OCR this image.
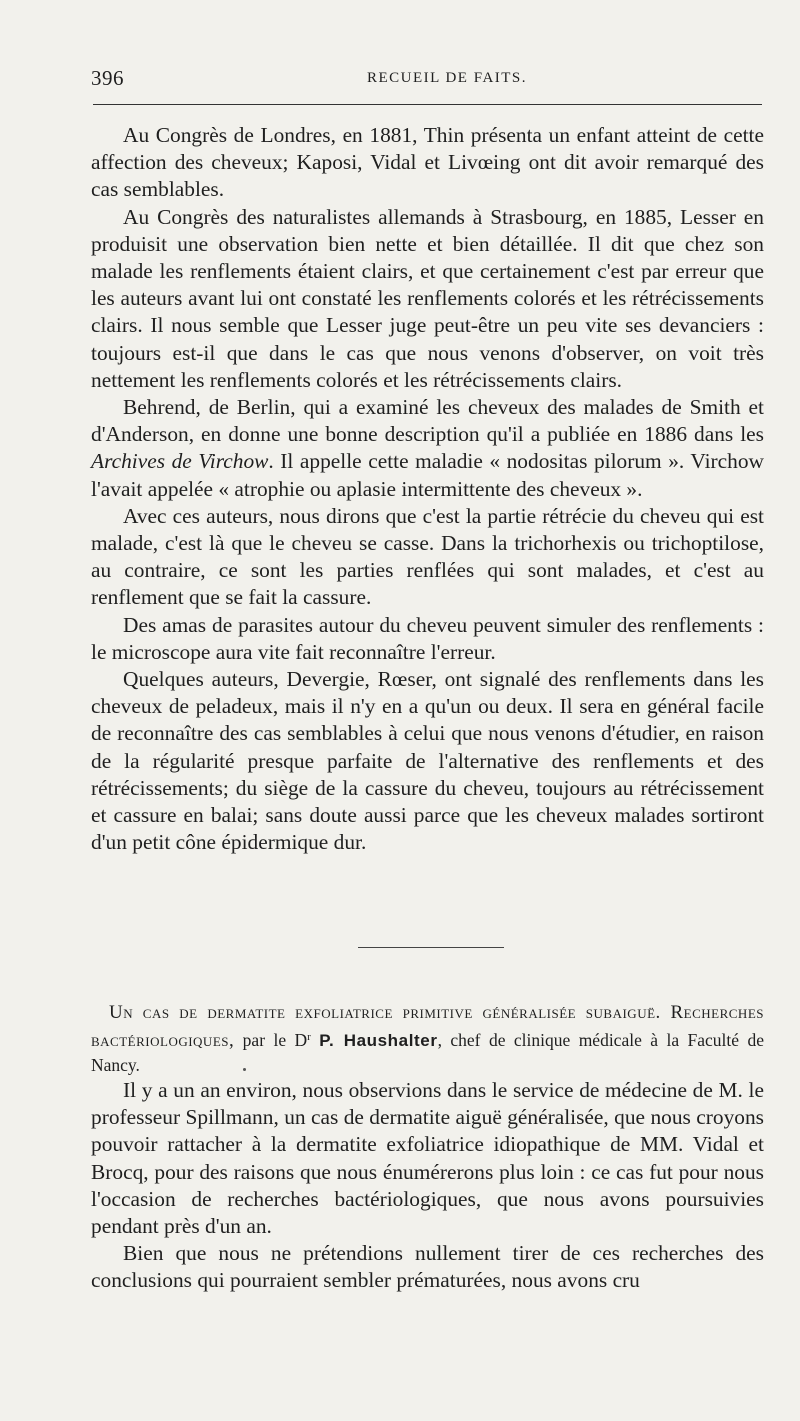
396	RECUEIL DE FAITS.

Au Congrès de Londres, en 1881, Thin présenta un enfant atteint de cette affection des cheveux; Kaposi, Vidal et Livœing ont dit avoir remarqué des cas semblables.

Au Congrès des naturalistes allemands à Strasbourg, en 1885, Lesser en produisit une observation bien nette et bien détaillée. Il dit que chez son malade les renflements étaient clairs, et que certainement c'est par erreur que les auteurs avant lui ont constaté les renflements colorés et les rétrécissements clairs. Il nous semble que Lesser juge peut-être un peu vite ses devanciers : toujours est-il que dans le cas que nous venons d'observer, on voit très nettement les renflements colorés et les rétrécissements clairs.

Behrend, de Berlin, qui a examiné les cheveux des malades de Smith et d'Anderson, en donne une bonne description qu'il a publiée en 1886 dans les Archives de Virchow. Il appelle cette maladie « nodositas pilorum ». Virchow l'avait appelée « atrophie ou aplasie intermittente des cheveux ».

Avec ces auteurs, nous dirons que c'est la partie rétrécie du cheveu qui est malade, c'est là que le cheveu se casse. Dans la trichorhexis ou trichoptilose, au contraire, ce sont les parties renflées qui sont malades, et c'est au renflement que se fait la cassure.

Des amas de parasites autour du cheveu peuvent simuler des renflements : le microscope aura vite fait reconnaître l'erreur.

Quelques auteurs, Devergie, Rœser, ont signalé des renflements dans les cheveux de peladeux, mais il n'y en a qu'un ou deux. Il sera en général facile de reconnaître des cas semblables à celui que nous venons d'étudier, en raison de la régularité presque parfaite de l'alternative des renflements et des rétrécissements; du siège de la cassure du cheveu, toujours au rétrécissement et cassure en balai; sans doute aussi parce que les cheveux malades sortiront d'un petit cône épidermique dur.

Un cas de dermatite exfoliatrice primitive généralisée subaiguë. Recherches bactériologiques, par le $D^r$ P. Haushalter, chef de clinique médicale à la Faculté de Nancy.

Il y a un an environ, nous observions dans le service de médecine de M. le professeur Spillmann, un cas de dermatite aiguë généralisée, que nous croyons pouvoir rattacher à la dermatite exfoliatrice idiopathique de MM. Vidal et Brocq, pour des raisons que nous énumérerons plus loin : ce cas fut pour nous l'occasion de recherches bactériologiques, que nous avons poursuivies pendant près d'un an.

Bien que nous ne prétendions nullement tirer de ces recherches des conclusions qui pourraient sembler prématurées, nous avons cru
